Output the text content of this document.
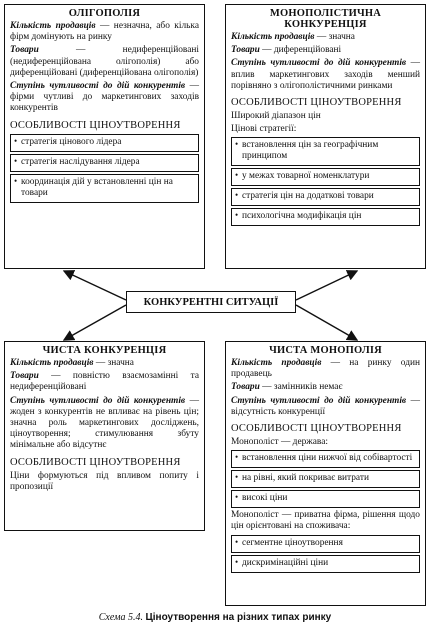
ОЛІГОПОЛІЯ

Кількість продавців — незначна, або кілька фірм домінують на ринку

Товари — недиференційовані (недиференційована олігополія) або диференційовані (диференційована олігополія)

Ступінь чутливості до дій конкурентів — фірми чутливі до маркетингових заходів конкурентів

ОСОБЛИВОСТІ ЦІНОУТВОРЕННЯ
• стратегія цінового лідера
• стратегія наслідування лідера
• координація дій у встановленні цін на товари
МОНОПОЛІСТИЧНА КОНКУРЕНЦІЯ

Кількість продавців — значна

Товари — диференційовані

Ступінь чутливості до дій конкурентів — вплив маркетингових заходів менший порівняно з олігополістичними ринками

ОСОБЛИВОСТІ ЦІНОУТВОРЕННЯ

Широкий діапазон цін

Цінові стратегії:

• встановлення цін за географічним принципом
• у межах товарної номенклатури
• стратегія цін на додаткові товари
• психологічна модифікація цін
КОНКУРЕНТНІ СИТУАЦІЇ
ЧИСТА КОНКУРЕНЦІЯ

Кількість продавців — значна

Товари — повністю взаємозамінні та недиференційовані

Ступінь чутливості до дій конкурентів — жоден з конкурентів не впливає на рівень цін; значна роль маркетингових досліджень, ціноутворення; стимулювання збуту мінімальне або відсутнє

ОСОБЛИВОСТІ ЦІНОУТВОРЕННЯ

Ціни формуються під впливом попиту і пропозиції

ЧИСТА МОНОПОЛІЯ

Кількість продавців — на ринку один продавець

Товари — замінників немає

Ступінь чутливості до дій конкурентів — відсутність конкуренції

ОСОБЛИВОСТІ ЦІНОУТВОРЕННЯ

Монополіст — держава:

• встановлення ціни нижчої від собівартості
• на рівні, який покриває витрати
• високі ціни

Монополіст — приватна фірма, рішення щодо цін орієнтовані на споживача:

• сегментне ціноутворення
• дискримінаційні ціни
Схема 5.4. Ціноутворення на різних типах ринку
